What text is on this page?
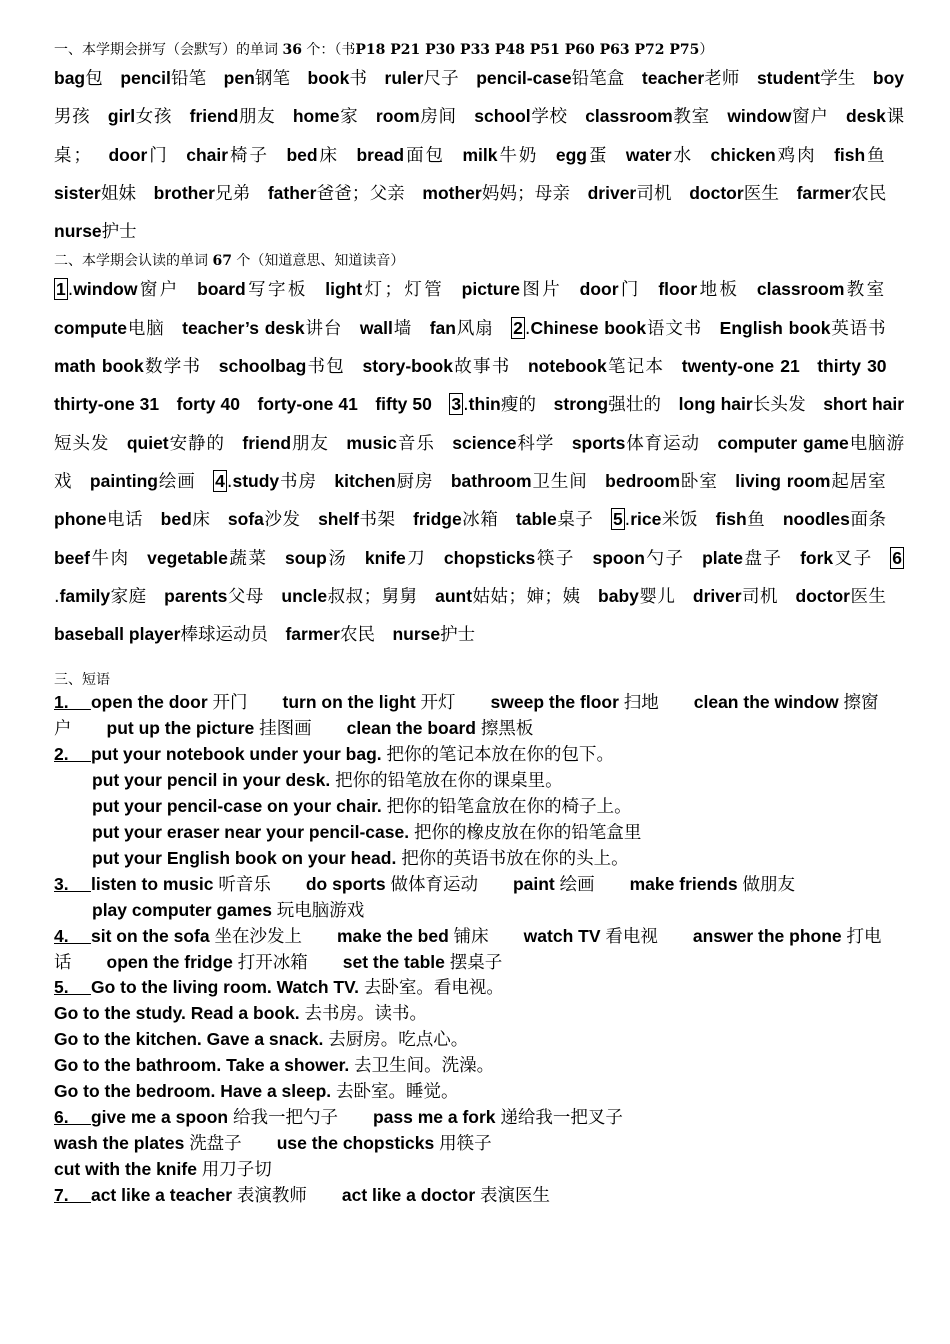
一、本学期会拼写（会默写）的单词 36 个：（书P18 P21 P30 P33 P48 P51 P60 P63 P72 P75）

bag包  pencil铅笔  pen钢笔  book书  ruler尺子  pencil-case铅笔盒  teacher老师  student学生  boy男孩  girl女孩  friend朋友  home家  room房间  school学校  classroom教室  window窗户  desk课桌；  door门  chair椅子  bed床  bread面包  milk牛奶  egg蛋  water水  chicken鸡肉  fish鱼 sister姐妹  brother兄弟  father爸爸；父亲  mother妈妈；母亲  driver司机  doctor医生  farmer农民 nurse护士 

二、本学期会认读的单词 67 个（知道意思、知道读音）

1 .window窗户  board写字板  light灯；灯管  picture图片  door门  floor地板  classroom教室 compute电脑  teacher’s desk讲台  wall墙  fan风扇  2 .Chinese book语文书  English book英语书 math book数学书  schoolbag书包  story-book故事书  notebook笔记本  twenty-one 21  thirty 30 thirty-one 31  forty 40  forty-one 41  fifty 50  3 .thin瘦的  strong强壮的  long hair长头发  short hair短头发  quiet安静的  friend朋友  music音乐  science科学  sports体育运动  computer game电脑游戏  painting绘画  4 .study书房  kitchen厨房  bathroom卫生间  bedroom卧室  living room起居室 phone电话  bed床  sofa沙发  shelf书架  fridge冰箱  table桌子  5 .rice米饭  fish鱼  noodles面条 beef牛肉  vegetable蔬菜  soup汤  knife刀  chopsticks筷子  spoon勺子  plate盘子  fork叉子  6.family家庭  parents父母  uncle叔叔；舅舅  aunt姑姑；婶；姨  baby婴儿  driver司机  doctor医生 baseball player棒球运动员  farmer农民  nurse护士 

三、短语

1.  open the door 开门   turn on the light 开灯   sweep the floor 扫地   clean the window 擦窗户   put up the picture 挂图画   clean the board 擦黑板  

2.  put your notebook under your bag. 把你的笔记本放在你的包下。  

put your pencil in your desk. 把你的铅笔放在你的课桌里。  

put your pencil-case on your chair. 把你的铅笔盒放在你的椅子上。  

put your eraser near your pencil-case. 把你的橡皮放在你的铅笔盒里  

put your English book on your head. 把你的英语书放在你的头上。  

3.  listen to music 听音乐   do sports 做体育运动   paint 绘画   make friends 做朋友  

play computer games 玩电脑游戏  

4.  sit on the sofa 坐在沙发上   make the bed 铺床   watch TV 看电视   answer the phone 打电话   open the fridge 打开冰箱   set the table 摆桌子  

5.  Go to the living room. Watch TV. 去卧室。看电视。  

Go to the study. Read a book. 去书房。读书。  

Go to the kitchen. Gave a snack. 去厨房。吃点心。  

Go to the bathroom. Take a shower. 去卫生间。洗澡。  

Go to the bedroom. Have a sleep. 去卧室。睡觉。  

6.  give me a spoon 给我一把勺子   pass me a fork 递给我一把叉子  

wash the plates 洗盘子   use the chopsticks 用筷子  

cut with the knife 用刀子切  

7.  act like a teacher 表演教师   act like a doctor 表演医生  
